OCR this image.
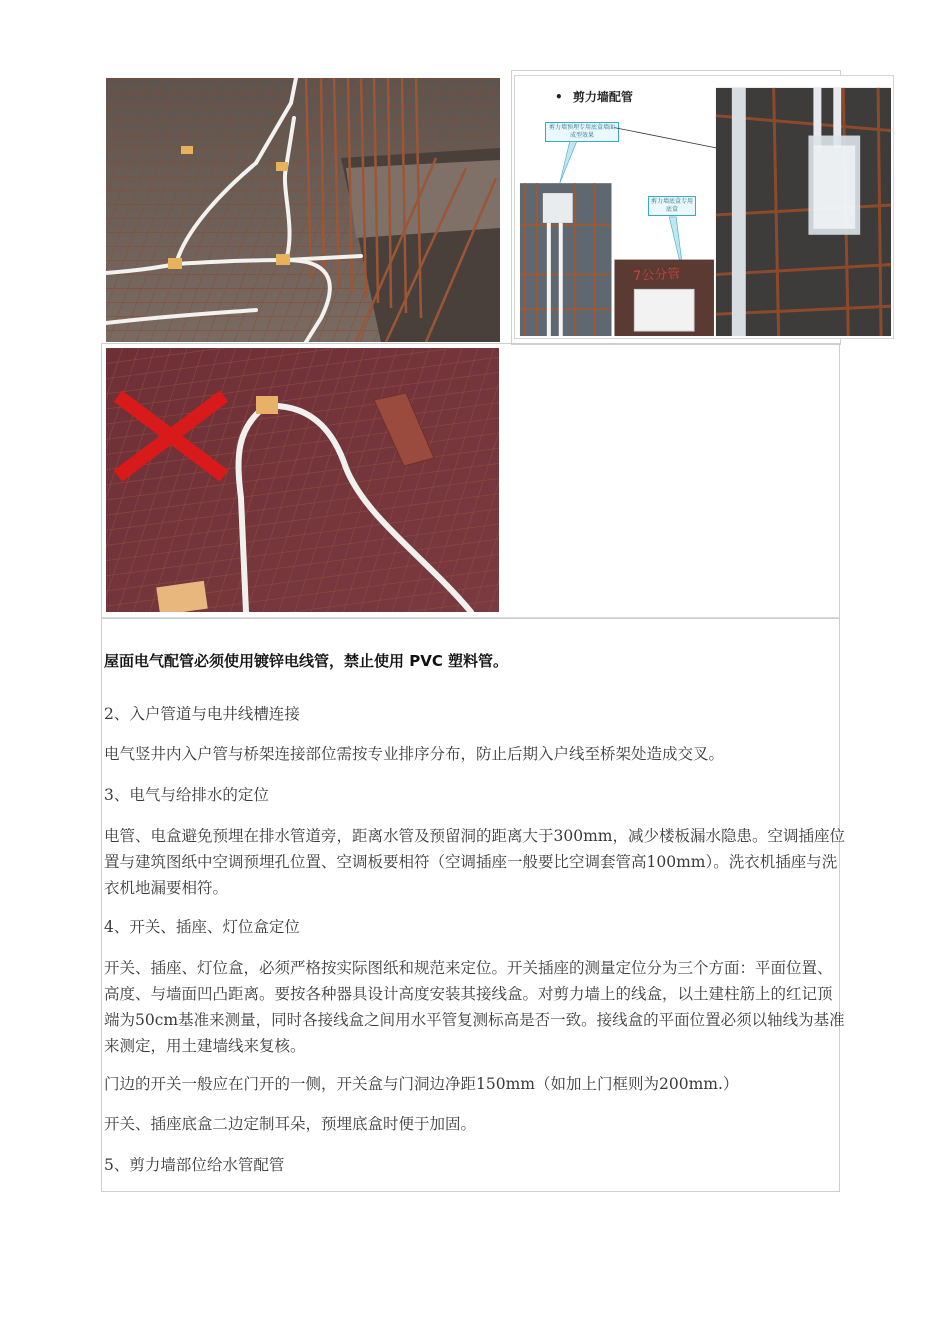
• 剪力墙配管
剪力墙预埋专用底盒墙面成型效果
剪力墙底盒专用底盒
7公分管

屋面电气配管必须使用镀锌电线管，禁止使用 PVC 塑料管。

2、入户管道与电井线槽连接

电气竖井内入户管与桥架连接部位需按专业排序分布，防止后期入户线至桥架处造成交叉。

3、电气与给排水的定位

电管、电盒避免预埋在排水管道旁，距离水管及预留洞的距离大于300mm，减少楼板漏水隐患。空调插座位置与建筑图纸中空调预埋孔位置、空调板要相符（空调插座一般要比空调套管高100mm）。洗衣机插座与洗衣机地漏要相符。

4、开关、插座、灯位盒定位

开关、插座、灯位盒，必须严格按实际图纸和规范来定位。开关插座的测量定位分为三个方面：平面位置、高度、与墙面凹凸距离。要按各种器具设计高度安装其接线盒。对剪力墙上的线盒，以土建柱筋上的红记顶端为50cm基准来测量，同时各接线盒之间用水平管复测标高是否一致。接线盒的平面位置必须以轴线为基准来测定，用土建墙线来复核。

门边的开关一般应在门开的一侧，开关盒与门洞边净距150mm（如加上门框则为200mm.）

开关、插座底盒二边定制耳朵，预埋底盒时便于加固。

5、剪力墙部位给水管配管
